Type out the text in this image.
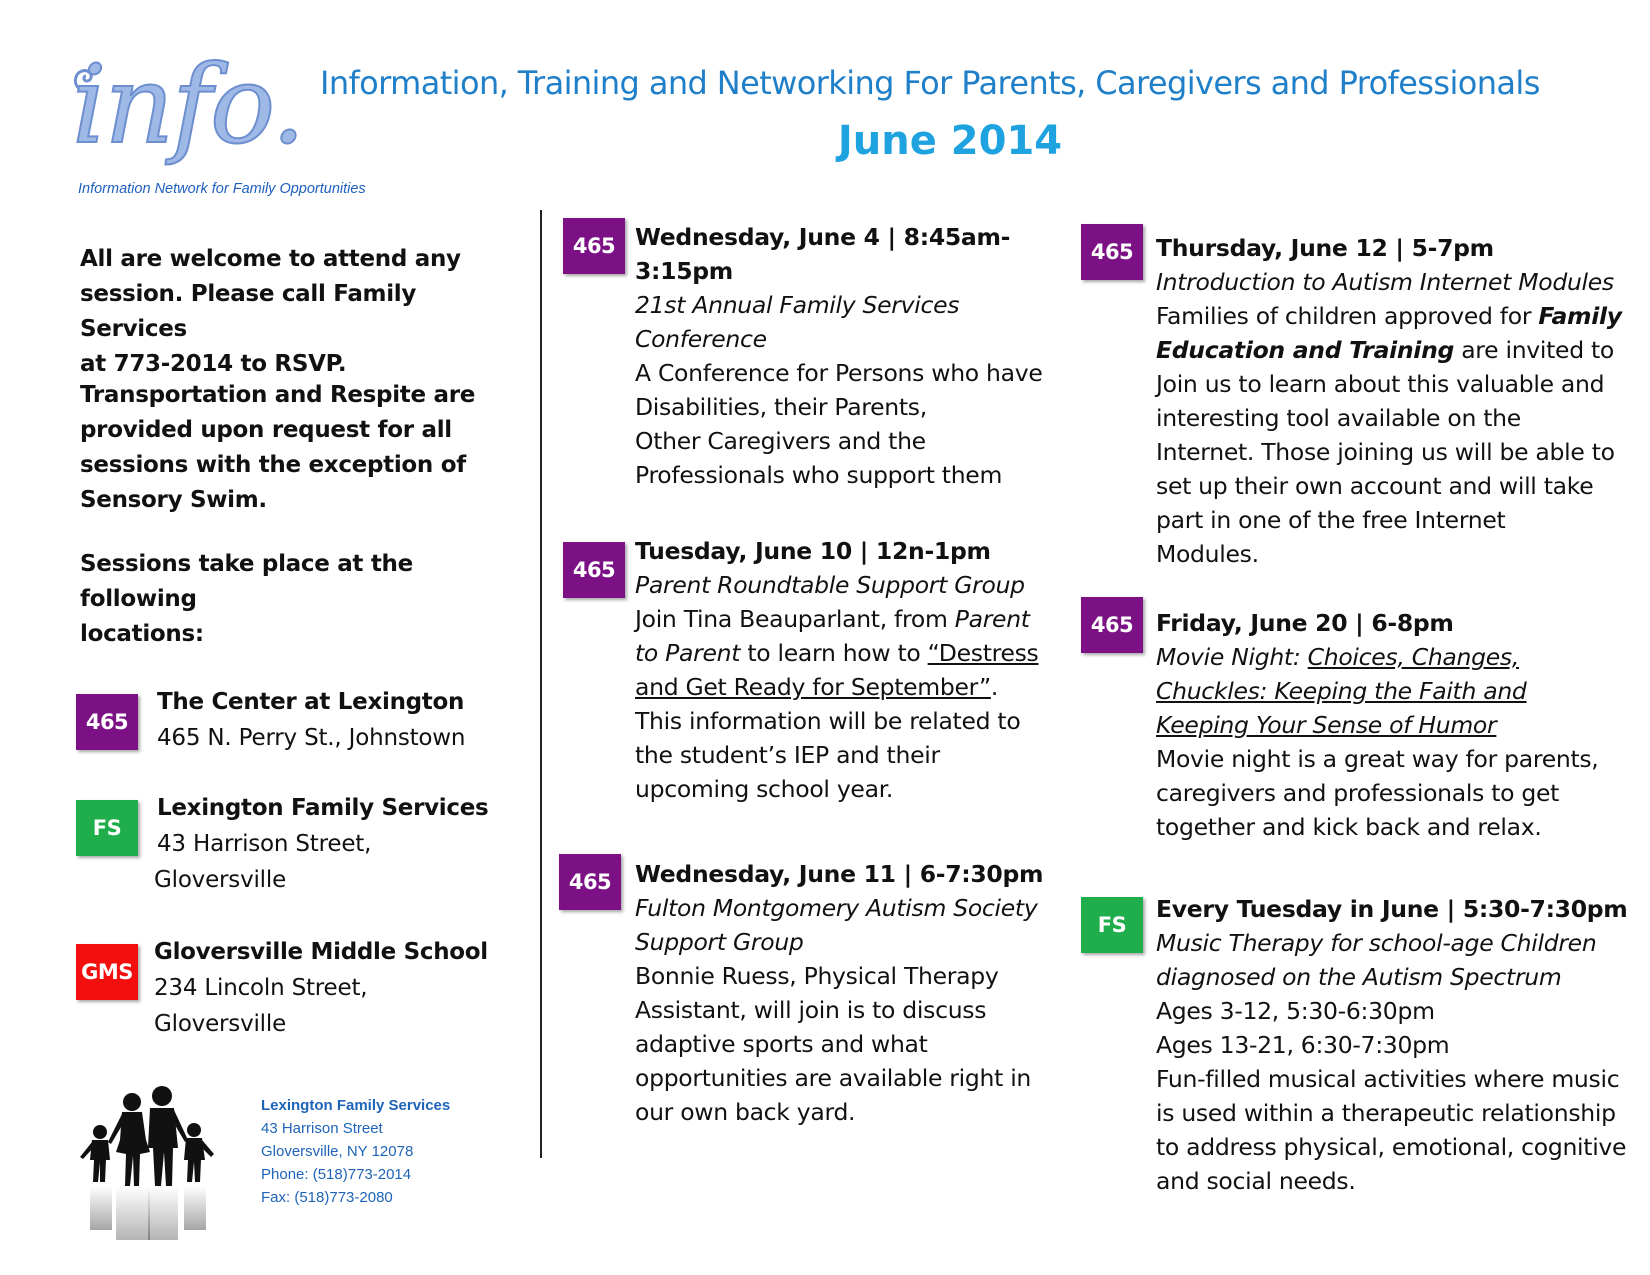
info.
Information Network for Family Opportunities
Information, Training and Networking For Parents, Caregivers and Professionals
June 2014
All are welcome to attend any
session. Please call Family Services
at 773-2014 to RSVP.
Transportation and Respite are
provided upon request for all
sessions with the exception of
Sensory Swim.
Sessions take place at the following
locations:
465
The Center at Lexington
465 N. Perry St., Johnstown
FS
Lexington Family Services
43 Harrison Street,
Gloversville
GMS
Gloversville Middle School
234 Lincoln Street,
Gloversville
Lexington Family Services
43 Harrison Street
Gloversville, NY 12078
Phone: (518)773-2014
Fax: (518)773-2080
465 Wednesday, June 4 | 8:45am-
3:15pm
21st Annual Family Services
Conference
A Conference for Persons who have
Disabilities, their Parents,
Other Caregivers and the
Professionals who support them
465
Tuesday, June 10 | 12n-1pm
Parent Roundtable Support Group
Join Tina Beauparlant, from Parent
to Parent to learn how to “Destress
and Get Ready for September”.
This information will be related to
the student’s IEP and their
upcoming school year.
465	Wednesday, June 11 | 6-7:30pm
Fulton Montgomery Autism Society
Support Group
Bonnie Ruess, Physical Therapy
Assistant, will join is to discuss
adaptive sports and what
opportunities are available right in
our own back yard.
465 Thursday, June 12 | 5-7pm
Introduction to Autism Internet Modules
Families of children approved for Family
Education and Training are invited to
Join us to learn about this valuable and
interesting tool available on the
Internet. Those joining us will be able to
set up their own account and will take
part in one of the free Internet
Modules.
465 Friday, June 20 | 6-8pm
Movie Night: Choices, Changes,
Chuckles: Keeping the Faith and
Keeping Your Sense of Humor
Movie night is a great way for parents,
caregivers and professionals to get
together and kick back and relax.
FS
Every Tuesday in June | 5:30-7:30pm
Music Therapy for school-age Children
diagnosed on the Autism Spectrum
Ages 3-12, 5:30-6:30pm
Ages 13-21, 6:30-7:30pm
Fun-filled musical activities where music
is used within a therapeutic relationship
to address physical, emotional, cognitive
and social needs.
